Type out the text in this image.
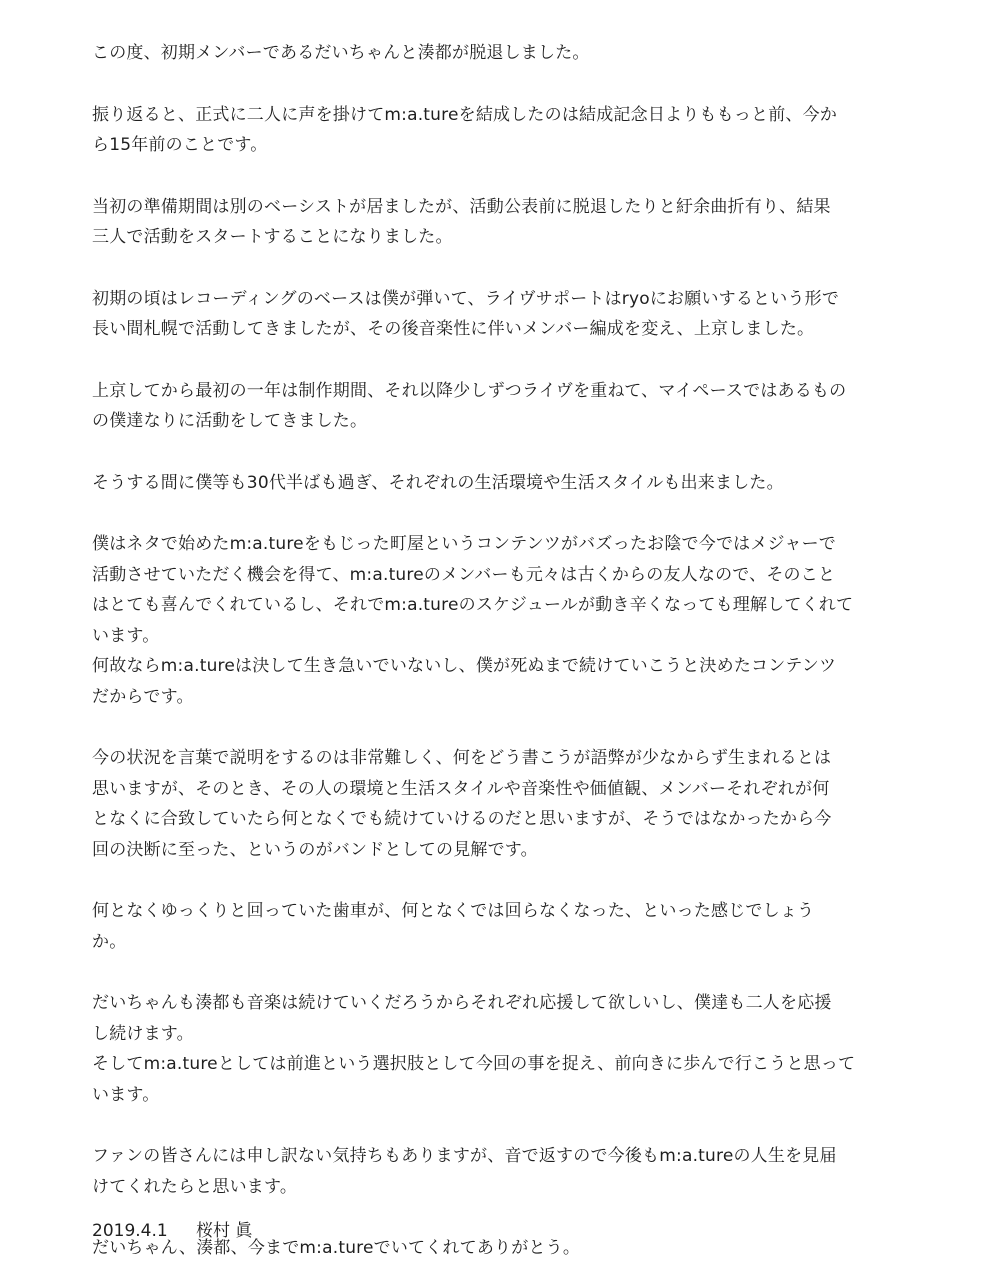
この度、初期メンバーであるだいちゃんと湊都が脱退しました。

振り返ると、正式に二人に声を掛けてm:a.tureを結成したのは結成記念日よりももっと前、今か
ら15年前のことです。

当初の準備期間は別のベーシストが居ましたが、活動公表前に脱退したりと紆余曲折有り、結果
三人で活動をスタートすることになりました。

初期の頃はレコーディングのベースは僕が弾いて、ライヴサポートはryoにお願いするという形で
長い間札幌で活動してきましたが、その後音楽性に伴いメンバー編成を変え、上京しました。

上京してから最初の一年は制作期間、それ以降少しずつライヴを重ねて、マイペースではあるもの
の僕達なりに活動をしてきました。

そうする間に僕等も30代半ばも過ぎ、それぞれの生活環境や生活スタイルも出来ました。

僕はネタで始めたm:a.tureをもじった町屋というコンテンツがバズったお陰で今ではメジャーで
活動させていただく機会を得て、m:a.tureのメンバーも元々は古くからの友人なので、そのこと
はとても喜んでくれているし、それでm:a.tureのスケジュールが動き辛くなっても理解してくれて
います。
何故ならm:a.tureは決して生き急いでいないし、僕が死ぬまで続けていこうと決めたコンテンツ
だからです。

今の状況を言葉で説明をするのは非常難しく、何をどう書こうが語弊が少なからず生まれるとは
思いますが、そのとき、その人の環境と生活スタイルや音楽性や価値観、メンバーそれぞれが何
となくに合致していたら何となくでも続けていけるのだと思いますが、そうではなかったから今
回の決断に至った、というのがバンドとしての見解です。

何となくゆっくりと回っていた歯車が、何となくでは回らなくなった、といった感じでしょう
か。

だいちゃんも湊都も音楽は続けていくだろうからそれぞれ応援して欲しいし、僕達も二人を応援
し続けます。
そしてm:a.tureとしては前進という選択肢として今回の事を捉え、前向きに歩んで行こうと思って
います。

ファンの皆さんには申し訳ない気持ちもありますが、音で返すので今後もm:a.tureの人生を見届
けてくれたらと思います。

だいちゃん、湊都、今までm:a.tureでいてくれてありがとう。

2019.4.1 桜村 眞
